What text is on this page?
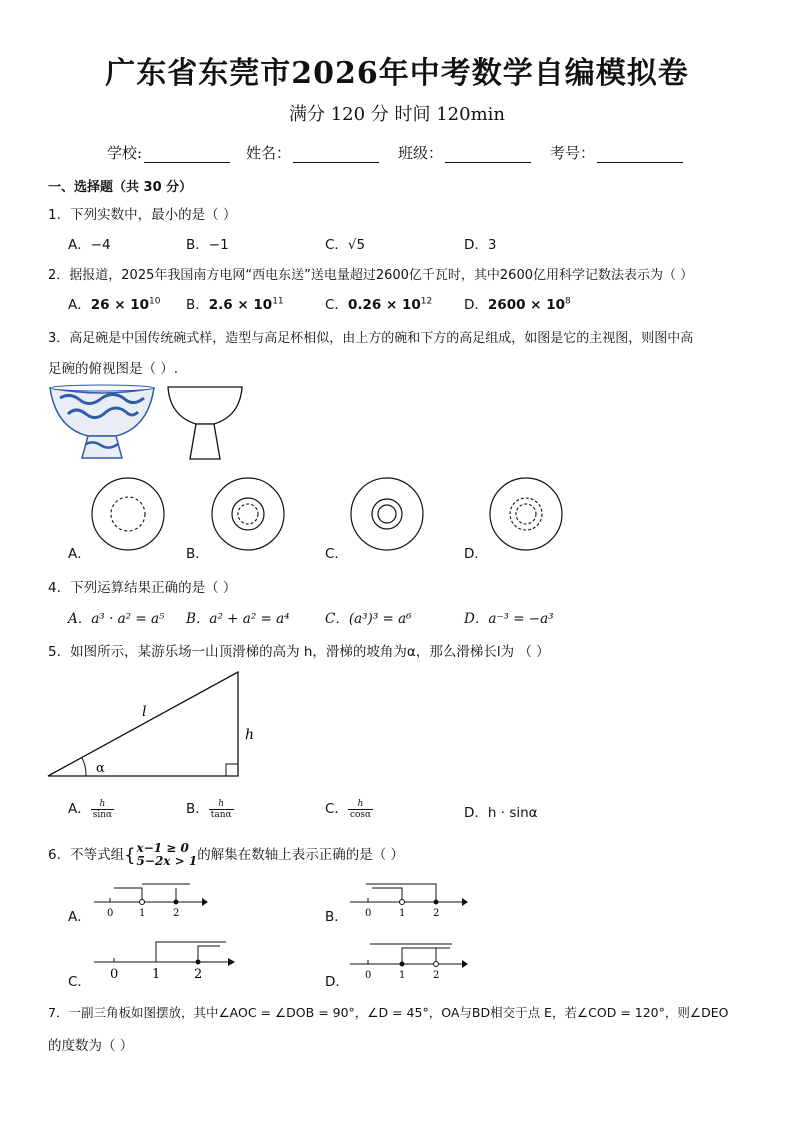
广东省东莞市2026年中考数学自编模拟卷
满分 120 分 时间 120min
学校:	姓名：	班级：	考号：
一、选择题（共 30 分）
1．下列实数中，最小的是（ ）
A．−4	B．−1	C．√5	D．3
2．据报道，2025年我国南方电网“西电东送”送电量超过2600亿千瓦时，其中2600亿用科学记数法表示为（ ）
A．$26 \times 10^{10}$ B．$2.6 \times 10^{11}$	C．$0.26 \times 10^{12}$ D．$2600 \times 10^8$
3．高足碗是中国传统碗式样，造型与高足杯相似，由上方的碗和下方的高足组成，如图是它的主视图，则图中高
足碗的俯视图是（ ）.
A．	B．	C．	D．
4．下列运算结果正确的是（ ）
A．a³ · a² = a⁵ B．a² + a² = a⁴	C．(a³)³ = a⁶	D．a⁻³ = −a³
5．如图所示，某游乐场一山顶滑梯的高为 h，滑梯的坡角为α，那么滑梯长l为 （ ）
l
h
α
A． $\frac{h}{\sin\alpha}$	B． $\frac{h}{\tan\alpha}$	C． $\frac{h}{\cos\alpha}$	D．h · sinα
6．不等式组{ x−1 ≥ 0
5−2x > 1 的解集在数轴上表示正确的是（ ）
0	1	2
A．	0	1	2
B．
0	1	2
C．	0	1	2
D．
7．一副三角板如图摆放，其中∠AOC = ∠DOB = 90°，∠D = 45°，OA与BD相交于点 E，若∠COD = 120°，则∠DEO
的度数为（ ）
